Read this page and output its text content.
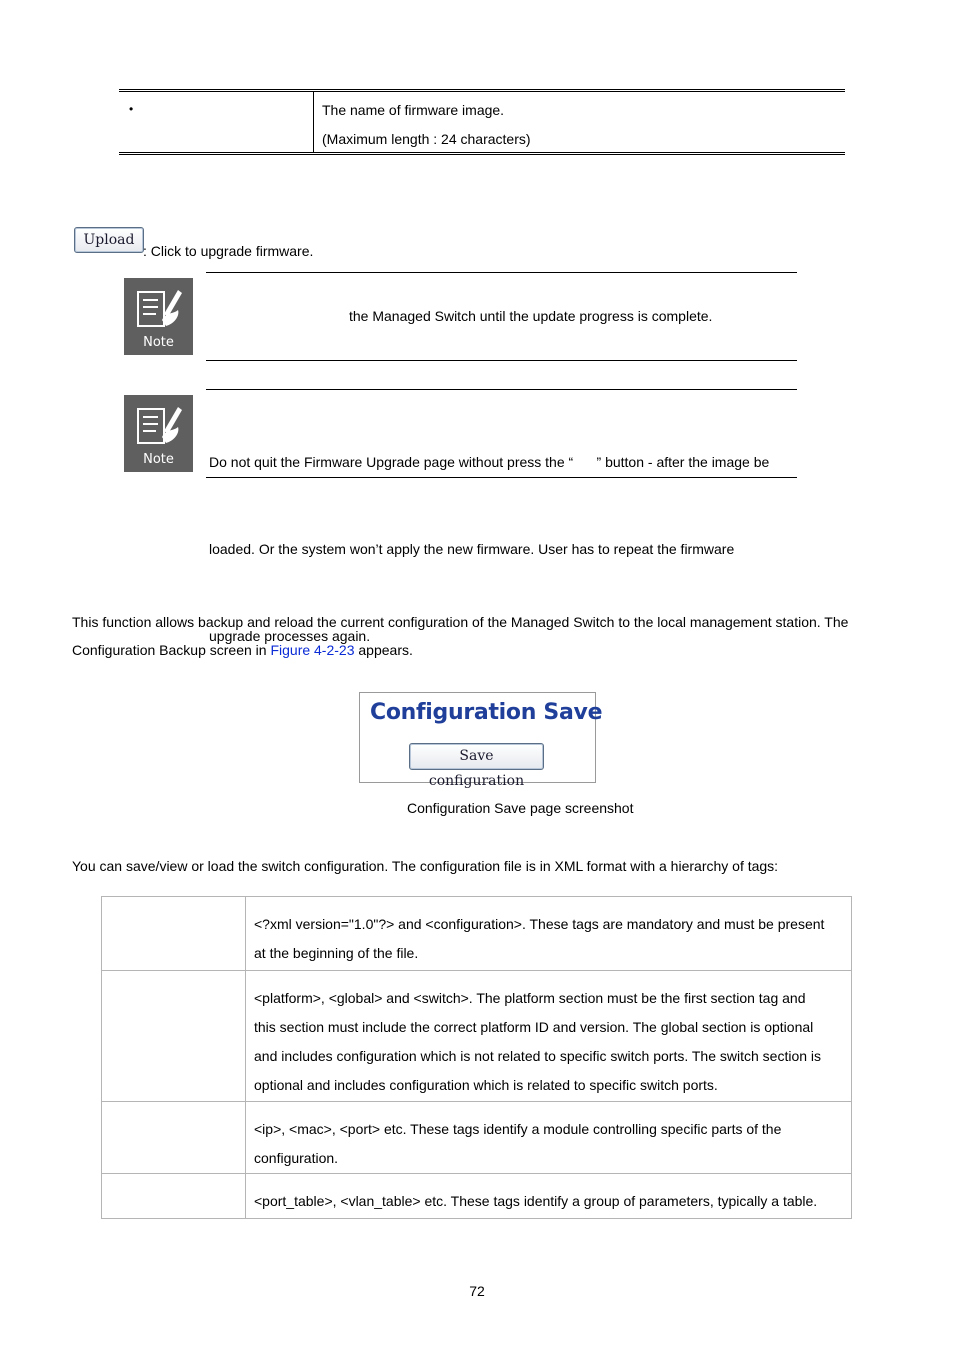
•	The name of firmware image.
(Maximum length : 24 characters)
Upload
: Click to upgrade firmware.
Note
the Managed Switch until the update progress is complete.
Note

	Do not quit the Firmware Upgrade page without press the “      ” button - after the image be

loaded. Or the system won’t apply the new firmware. User has to repeat the firmware

upgrade processes again.

This function allows backup and reload the current configuration of the Managed Switch to the local management station. The
Configuration Backup screen in Figure 4-2-23 appears.
Configuration Save
Save configuration
Configuration Save page screenshot
You can save/view or load the switch configuration. The configuration file is in XML format with a hierarchy of tags:

	<?xml version="1.0"?> and <configuration>. These tags are mandatory and must be present
at the beginning of the file.

	<platform>, <global> and <switch>. The platform section must be the first section tag and
this section must include the correct platform ID and version. The global section is optional
and includes configuration which is not related to specific switch ports. The switch section is
optional and includes configuration which is related to specific switch ports.

	<ip>, <mac>, <port> etc. These tags identify a module controlling specific parts of the
configuration.

	<port_table>, <vlan_table> etc. These tags identify a group of parameters, typically a table.
72
